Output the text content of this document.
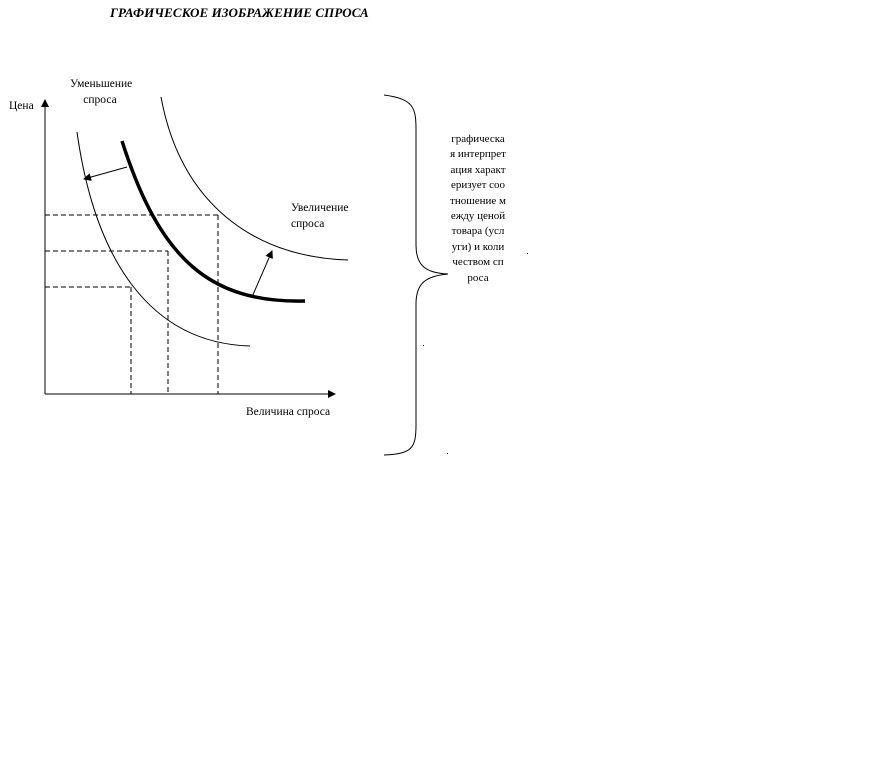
ГРАФИЧЕСКОЕ ИЗОБРАЖЕНИЕ СПРОСА
Цена
Уменьшение спроса
Увеличение спроса
Величина спроса
графическая интерпретация характеризует соотношение между ценой товара (услуги) и количеством спроса
